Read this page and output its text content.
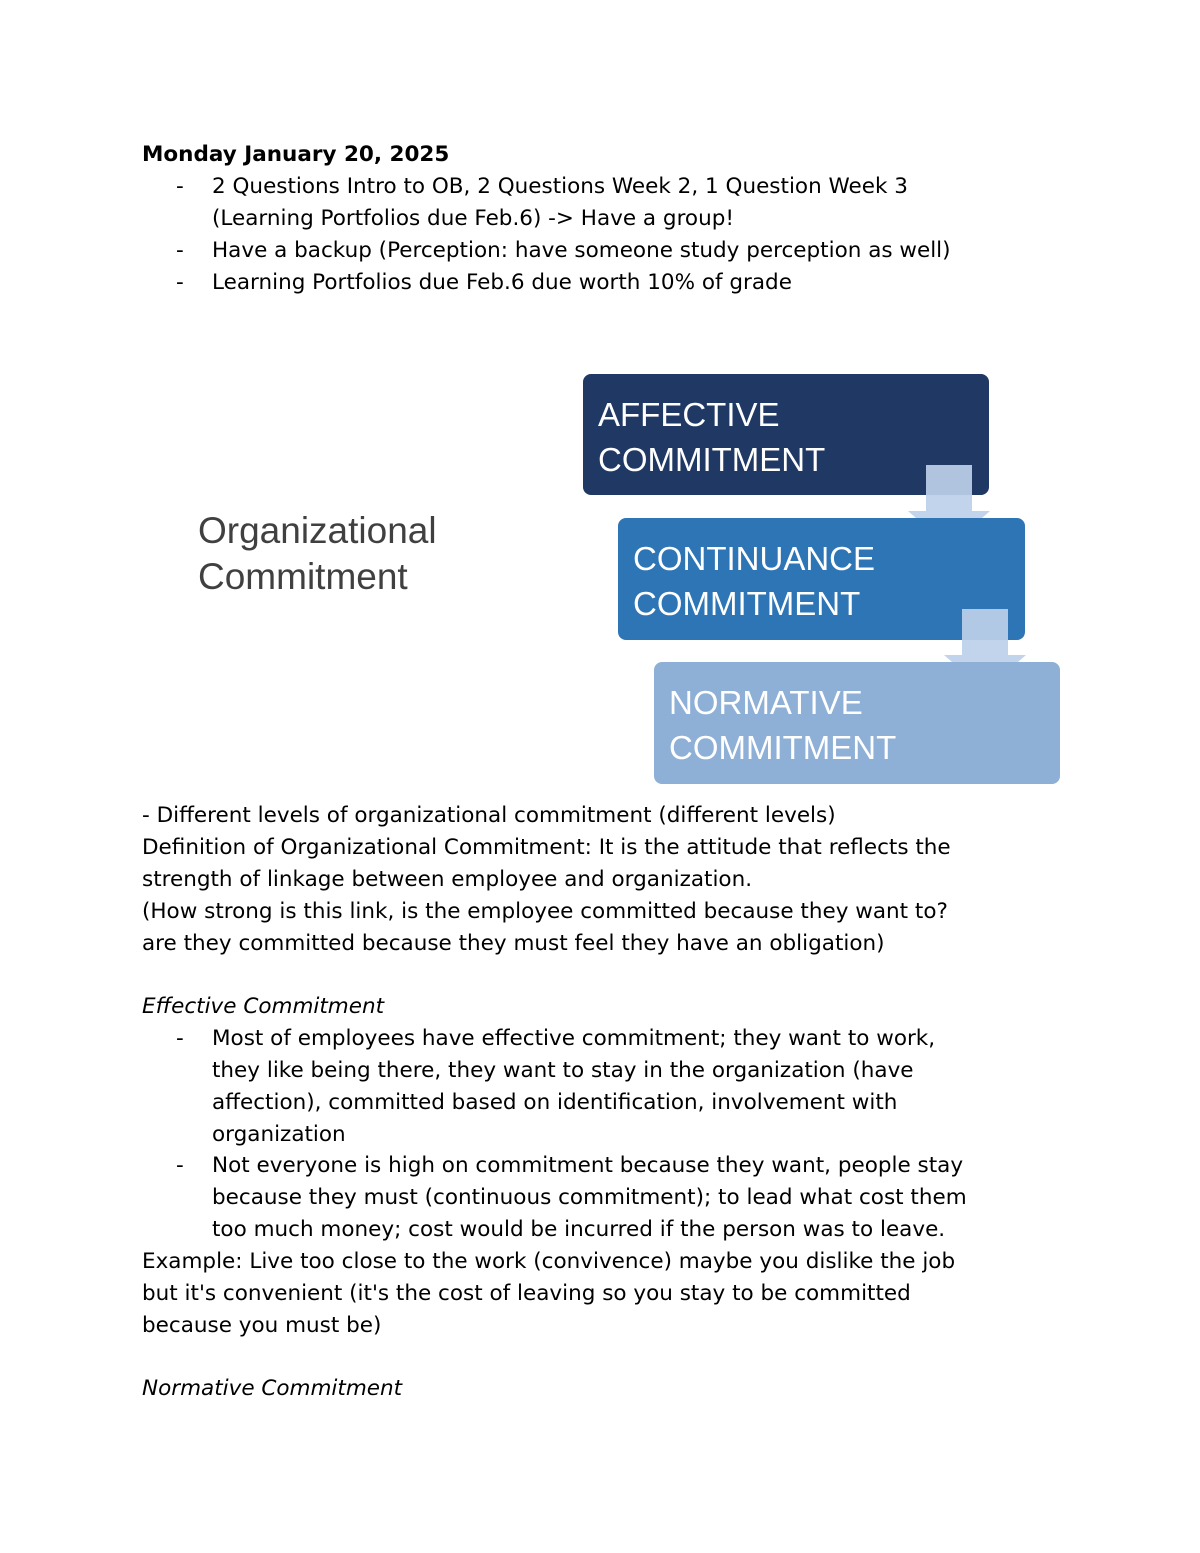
Monday January 20, 2025
- 2 Questions Intro to OB, 2 Questions Week 2, 1 Question Week 3
(Learning Portfolios due Feb.6) -> Have a group!
- Have a backup (Perception: have someone study perception as well)
- Learning Portfolios due Feb.6 due worth 10% of grade
Organizational
Commitment
AFFECTIVE
COMMITMENT
CONTINUANCE
COMMITMENT
NORMATIVE
COMMITMENT
- Different levels of organizational commitment (different levels)
Definition of Organizational Commitment: It is the attitude that reflects the
strength of linkage between employee and organization.
(How strong is this link, is the employee committed because they want to?
are they committed because they must feel they have an obligation)
Effective Commitment
- Most of employees have effective commitment; they want to work,
they like being there, they want to stay in the organization (have
affection), committed based on identification, involvement with
organization
- Not everyone is high on commitment because they want, people stay
because they must (continuous commitment); to lead what cost them
too much money; cost would be incurred if the person was to leave.
Example: Live too close to the work (convivence) maybe you dislike the job
but it's convenient (it's the cost of leaving so you stay to be committed
because you must be)
Normative Commitment
